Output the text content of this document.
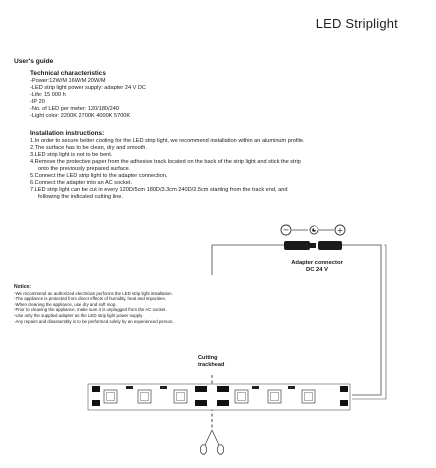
LED Striplight
User's guide
Technical characteristics
-Power:12W/M 16W/M 20W/M
-LED strip light power supply: adapter 24 V DC
-Life: 15 000 h
-IP 20
-No. of LED per meter: 120/180/240
-Light color: 2200K 2700K 4000K 5700K
Installation instructions:
1.In order to secure better cooling for the LED strip light, we recommend installation within an aluminum profile.
2.The surface has to be clean, dry and smooth.
3.LED strip light is not to be bent.
4.Remove the protective paper from the adhesive track located on the back of the strip light and stick the strip
onto the previously prepared surface.
5.Connect the LED strip light to the adapter connection.
6.Connect the adapter into an AC socket.
7.LED strip light can be cut in every 120D/5cm 180D/3.3cm 240D/2.5cm starting from the track end, and
following the indicated cutting line.
Notice:
-We recommend an authorized electrician performs the LED strip light installation.
-The appliance is protected from direct effects of humidity, heat and impurities.
-When cleaning the appliance, use dry and soft mop.
-Prior to cleaning the appliance, make sure it is unplugged from the AC socket.
-Use only the supplied adapter as the LED strip light power supply.
-Any repairs and disassembly is to be performed solely by an experienced person.
Adapter connector
DC 24 V
Cutting
trackhead
−	+
